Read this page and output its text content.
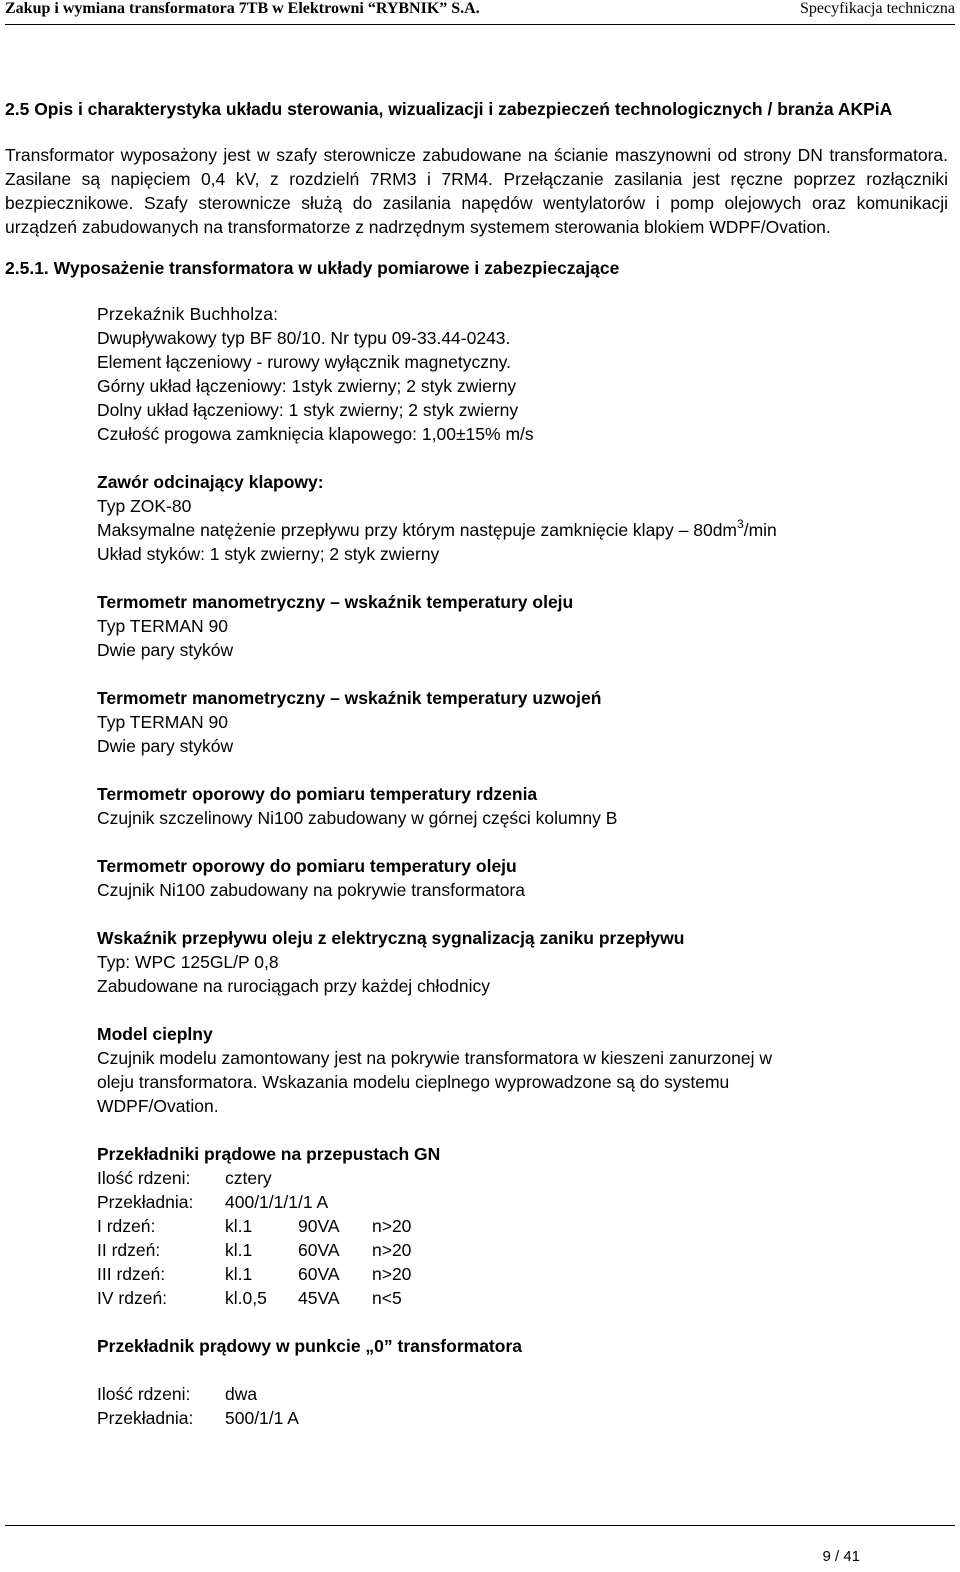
Zakup i wymiana transformatora 7TB w Elektrowni “RYBNIK” S.A.	Specyfikacja techniczna

2.5 Opis i charakterystyka układu sterowania, wizualizacji i zabezpieczeń technologicznych / branża AKPiA

Transformator wyposażony jest w szafy sterownicze zabudowane na ścianie maszynowni od strony DN transformatora. Zasilane są napięciem 0,4 kV, z rozdzielń 7RM3 i 7RM4. Przełączanie zasilania jest ręczne poprzez rozłączniki bezpiecznikowe. Szafy sterownicze służą do zasilania napędów wentylatorów i pomp olejowych oraz komunikacji urządzeń zabudowanych na transformatorze z nadrzędnym systemem sterowania blokiem WDPF/Ovation.

2.5.1. Wyposażenie transformatora w układy pomiarowe i zabezpieczające

Przekaźnik Buchholza:

Dwupływakowy typ BF 80/10. Nr typu 09-33.44-0243.

Element łączeniowy - rurowy wyłącznik magnetyczny.

Górny układ łączeniowy: 1styk zwierny; 2 styk zwierny

Dolny układ łączeniowy: 1 styk zwierny; 2 styk zwierny

Czułość progowa zamknięcia klapowego: 1,00±15% m/s

Zawór odcinający klapowy:

Typ ZOK-80

Maksymalne natężenie przepływu przy którym następuje zamknięcie klapy – $80dm^3/\min$

Układ styków: 1 styk zwierny; 2 styk zwierny

Termometr manometryczny – wskaźnik temperatury oleju

Typ TERMAN 90

Dwie pary styków

Termometr manometryczny – wskaźnik temperatury uzwojeń

Typ TERMAN 90

Dwie pary styków

Termometr oporowy do pomiaru temperatury rdzenia

Czujnik szczelinowy Ni100 zabudowany w górnej części kolumny B

Termometr oporowy do pomiaru temperatury oleju

Czujnik Ni100 zabudowany na pokrywie transformatora

Wskaźnik przepływu oleju z elektryczną sygnalizacją zaniku przepływu

Typ: WPC 125GL/P 0,8

Zabudowane na rurociągach przy każdej chłodnicy

Model cieplny

Czujnik modelu zamontowany jest na pokrywie transformatora w kieszeni zanurzonej w

oleju transformatora. Wskazania modelu cieplnego wyprowadzone są do systemu

WDPF/Ovation.

Przekładniki prądowe na przepustach GN

Ilość rdzeni:	cztery
Przekładnia:	400/1/1/1/1 A
I rdzeń:	kl.1	90VA	n>20
II rdzeń:	kl.1	60VA	n>20
III rdzeń:	kl.1	60VA	n>20
IV rdzeń:	kl.0,5	45VA	n<5

Przekładnik prądowy w punkcie „0” transformatora

Ilość rdzeni:	dwa
Przekładnia:	500/1/1 A
9 / 41
